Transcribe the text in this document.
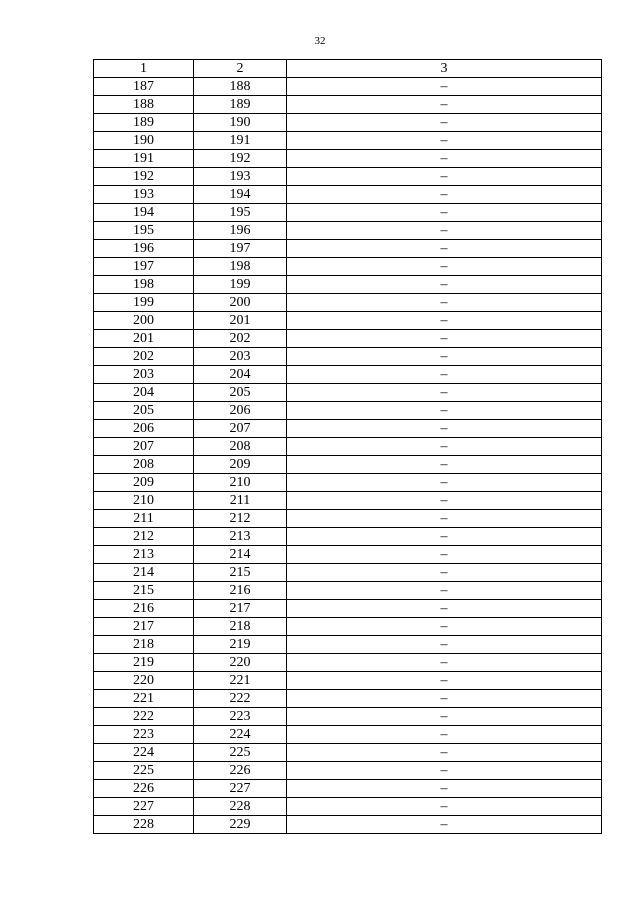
32
1	2	3
187	188	–
188	189	–
189	190	–
190	191	–
191	192	–
192	193	–
193	194	–
194	195	–
195	196	–
196	197	–
197	198	–
198	199	–
199	200	–
200	201	–
201	202	–
202	203	–
203	204	–
204	205	–
205	206	–
206	207	–
207	208	–
208	209	–
209	210	–
210	211	–
211	212	–
212	213	–
213	214	–
214	215	–
215	216	–
216	217	–
217	218	–
218	219	–
219	220	–
220	221	–
221	222	–
222	223	–
223	224	–
224	225	–
225	226	–
226	227	–
227	228	–
228	229	–
